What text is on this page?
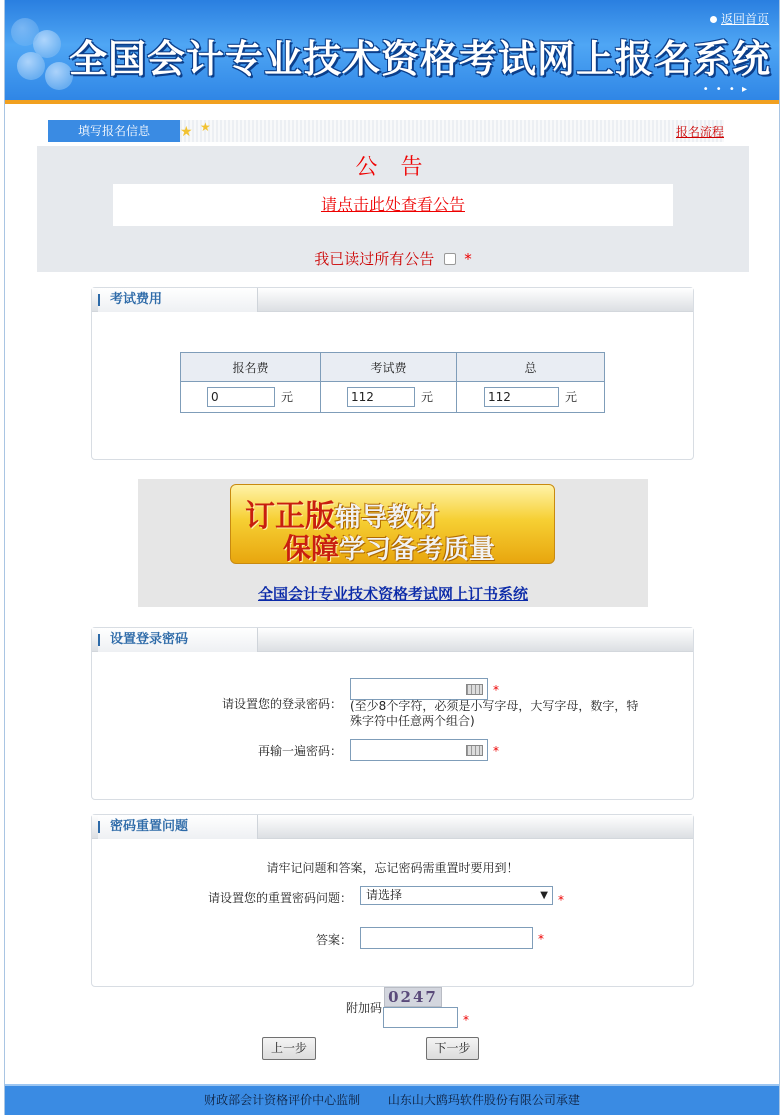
全国会计专业技术资格考试网上报名系统
返回首页
• • • ▸
填写报名信息	★ ★	报名流程
公 告
请点击此处查看公告
我已读过所有公告 *
考试费用
报名费	考试费	总
0 元	112 元	112 元
订正版辅导教材
保障学习备考质量
全国会计专业技术资格考试网上订书系统
设置登录密码
请设置您的登录密码：
*
(至少8个字符，必须是小写字母，大写字母，数字，特殊字符中任意两个组合)
再输一遍密码：	*
密码重置问题
请牢记问题和答案，忘记密码需重置时要用到！
请设置您的重置密码问题：	请选择	▼ *
答案：	*
附加码
0247
*
上一步	下一步
财政部会计资格评价中心监制 山东山大鸥玛软件股份有限公司承建
